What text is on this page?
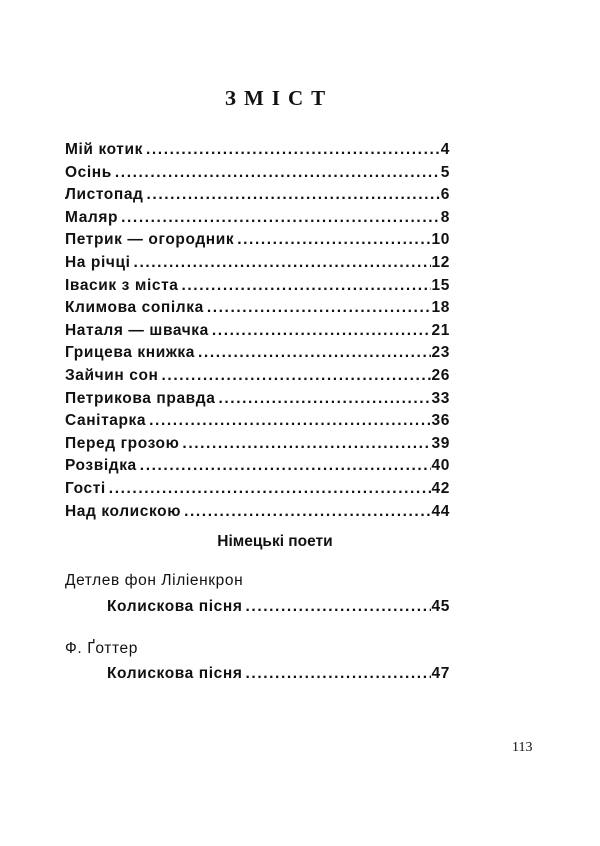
ЗМІСТ
Мій котик .....	4
Осінь .....	5
Листопад .....	6
Маляр .....	8
Петрик — огородник .....	10
На річці .....	12
Івасик з міста .....	15
Климова сопілка .....	18
Наталя — швачка .....	21
Грицева книжка .....	23
Зайчин сон .....	26
Петрикова правда .....	33
Санітарка .....	36
Перед грозою .....	39
Розвідка .....	40
Гості .....	42
Над колискою .....	44
Німецькі поети
Детлев фон Ліліенкрон
Колискова пісня .....	45
Ф. Ґоттер
Колискова пісня .....	47
113
